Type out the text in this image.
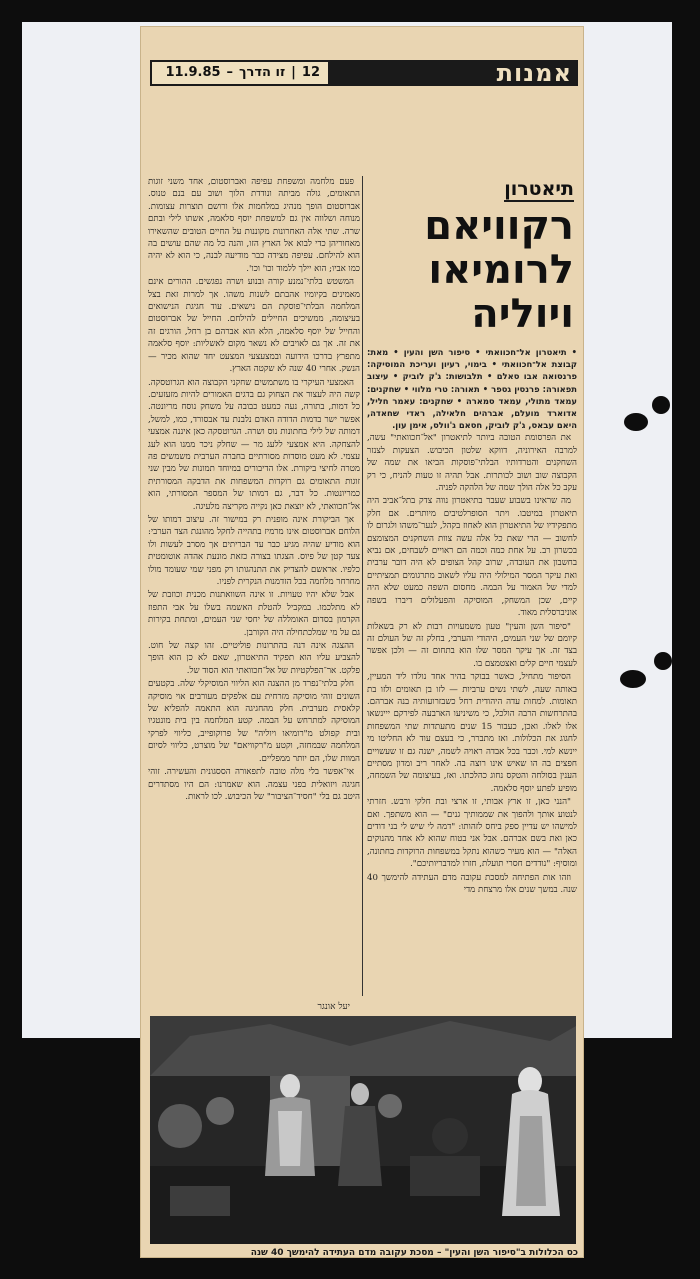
12|זו הדרך–11.9.85	אמנות
תיאטרון
רקוויאם
לרומיאו
ויוליה

• תיאטרון אל־חכוואתי • סיפור השן והעין • מאת: קבוצת אל־חכוואתי • בימוי, רעיון ועריכת המוסיקה: פרנסואה אבו סאלם • תלבושות: ג'ק לוביק • עיצוב תפאורה: פרנסין גספר • תאורה: טרי מלווי • שחקנים: עמאד מתולי, עמאד סמארה • שחקנים: עאמר חליל, אדוארד מועלם, אברהים חלאילה, ראדי שחאדה, היאם עבאס, ג'ק לוביק, חסאם ג'וולס, אימן עון.

את הפרסומת הטובה ביותר לתיאטרון "אל־חכוואתי" עשה, למרבה האירוניה, דווקא שלטון הכיבוש. הצעקות לצנזר השחקנים והטרדותיו הבלתי־פוסקות הביאו את שמה של הקבוצה שוב ושוב לכותרות. אבל תהיה זו טעות להניח, כי רק עקב כל אלה הולך שמה של הלהקה לפניה.

מה שראינו בשבוע שעבר בתיאטרון נווה צדק בתל־אביב היה תיאטרון במיטבו. ויתר הסופרלטיבים מיותרים. אם חלק מתפקידיו של התיאטרון הוא לאחוז בקהל, לנער־משהו ולגרום לו לחשוב — הרי שאת כל אלה עשה צוות השחקנים המצומצם בכשרון רב. על אחת כמה וכמה הם ראויים לשבחים, אם נביא בחשבון את העובדה, שרוב קהל הצופים לא היה דובר ערבית ואת עיקר המסר המילולי היה עליו לשאוב מתרגומים תמציתיים למדי של האמור על הבמה. מחסום השפה כמעט שלא היה קיים, שכן המשחק, המוסיקה והפעלולים דיברו בשפה אוניברסלית מאוד.

"סיפור השן והעין" טעון משמעויות רבות לא רק בשאלות קיומם של שני העמים, היהודי והערבי, בחלק זה של העולם זה בצד זה. אך עיקר המסר שלו הוא בתחום זה — ולכן אפשר לעצמי חיים קלים ואצטמצם בו.

הסיפור מתחיל, כאשר בבוקר בהיר אחד נולדו ליד המעיין, באותה שעה, לשתי נשים ערביות — לזו בן תאומים ולזו בת תאומות. למחות עדה היהודית רחל כשבזרועותיה בנה אברהם. בהתרחשות הרבה הולכל, כי משיניעו הארבעה לפירקם ייינשאו אלו לאלו. ואכן, כעבור 15 שנים מתעתדות שתי המשפחות לחגוג את הכלולות. ואז מתברר, כי בעצם עוד לא החליטו מי יינשא למי. וכבר בכל אבדה ראויה לשמה, ישנה גם זו שעשויים חפצים בה הו שאיש אינו רוצה בה. לאחר ריב ומדון מסתיים הענין בסולחה והטקס נחוג כהלכתו. ואז, בעיצומה של השמחה, מופיע לפתע יוסף סלאמה.

"הנני כאן, זו ארץ אבותי, זו ארצי ובת חלקי ורבש. חזרתי לנטוע אותך ולהפוך את שממותיך גנים" — הוא משתפך. ואם למישהו יש עדיין ספק ביחס לזהותו: "דמה לי שיש לי בני דודים כאן ואת בשם אברהם. אבל אני בטוח שהוא לא אחד מהנוקים האלה" — הוא מעיר כשהוא נתקל במשפחות הרוקדות בחתונה, ומוסיף: "נודדים חסרי תועלת, חזרו למדבריותיכם".

וזהו אות הפתיחה למסכת עקובה מדם העתידה להימשך 40 שנה. במשך שנים אלו מרצחת מדי

פעם מלחמה ומשפחת עפיפה ואברוסטום, אחד משני זוגות התאומים, גולה מביתה ונודדת הלוך ושוב עם בנם טנוס. אברוסטום הופך מנהיג במלחמות אלו ורושם תוצרות עצומות. מנוחה ושלווה אין גם למשפחת יוסף סלאמה, אשתו לילי ובתם שרה. שתי אלה האחרונות מקוננות על החיים הטובים שהשאירו מאחוריהן כדי לבוא אל הארץ הזו, והנה כל מה שהם עושים בה הוא להילחם. עפיפה מצידה כבר מודיעה לבנה, כי הוא לא יהיה כמו אביו; הוא יילך ללמוד וכו' וכו'.

המשטש בלתי־נמנע קורה ובנוע ושרה נפגשים. ההורים אינם מאמינים בקיומיו אהבתם לשנות משהו. אך למרות זאת בצל המלחמה הבלתי־פוסקת הם נישאים. עוד חגיגת הנישואים בעיצומה, ממשיכים החיילים להילחם. החייל של אברוסטום והחייל של יוסף סלאמה, הלא הוא אברהם בן רחל, הורגים זה את זה. אך גם לאויבים לא נשאר מקום לאשליות: יוסף סלאמה מתפרץ בדרכו הידועה ובמצעצעי המצעט יחד שהוא מכיר — הנשק. אחרי 40 שנה לא שקטה הארץ.

האמצעי העיקרי בו משתמשים שחקני הקבוצה הוא הגרוטסקה. קשה היה לעצור את הצחוק גם בדגים האמורים להיות מזעזעים. כל דמות, בתורה, נעה כמעט כבובה על משחק נוסח מריונטה. אפשר ישר בדמות הדודה האדם נלבנת עד אבסורד, כמו, למשל, דמותה של לילי בחתונות נוס ושרה. הגרוטסקה כאן איננה אמצעי להצחקה. היא אמצעי ללעג מר — שחלק ניכר ממנו הוא לעג עצמי. לא מעט מוסדות מסורתיים בחברה הערבית משמשים פה מטרה לחיצי ביקורת. אלו הדיבורים במיוחד תמונות של מבין שני זוגות התאומים גם רוקדות המשפחות את הדבקה המסורתית כמריונטות. כל דבר, גם דמותו של המספר המסורתי, הוא אל־חכוואתי, לא יוצאת כאן נקייה מקריצה מלעיגה.

אך הביקורת אינה מופנית רק במישור זה. עיצוב דמותו של הלוחם אברוסטום אינו מרמיז בתהייה לחקל מהונגת הצד הערבי: הוא מודיע שהיה מגיע כבר עד הבריתים אך מסרב לעשות ולו צעד קטן של פיוס. הצגתו בצורה כזאת מונעת אהדה אוטומטית כלפיו. אראשם להצדיק את התנהגותו רק מפני שמי שעומד מולו מחרחר מלחמה בכל הזדמנות הנקרית לפניו.

אבל שלא יהיו טעויות. זו אינה השוואתנות מכנית וכוזבת של לא מתלכמו. במקביל להטלת האשמה בשלו על אבי התפוז הקדמון בסדום האומללה של יחסי שני העמים, ומתחת בקירות גם על מי שמלכתחילה היה הקורבן.

ההצגה אינה דנה בהתרונות פוליטיים. זהו קצה של חוט. להצביע עליו הוא תפקיד התיאטרון, שאם לא כן הוא הופך פלקט. אר־הפלקטיות של אל־חכוואתי הוא הסוד של.

חלק בלתי־נפרד מן ההצגה הוא הליווי המוסיקלי שלה. בקטעים השונים זוהי מוסיקה מזרחית עם אלפקים מעורבים אוי מוסיקה קלאסית מערבית. חלק מהחגיגה הוא התאמה להפליא של המוסיקה למתרחש על הבמה. קטע המלחמה בין בית מונטגיו ובית קפולט מ"רומיאו ויוליה" של פרוקופייב, כליווי לפרקי המלחמה שבמחזה, וקטע מ"רקוויאם" של מוצרט, כליווי לסיום המוות שלו, הם יותר ממפליים.

אי־אפשר בלי מלה טובה לתפאורה הססגונית והעשירה. זוהי חגיגה ויזואלית בפני עצמה. הוא שאמרנו: הם היו מסתדרים היטב גם בלי "חסיד־הציבור" של הכיבוש. לכו לראות.

יעל אונגר
כס הכלולות ב"סיפור השן והעין" – מסכת עקובה מדם העתידה להימשך 40 שנה
